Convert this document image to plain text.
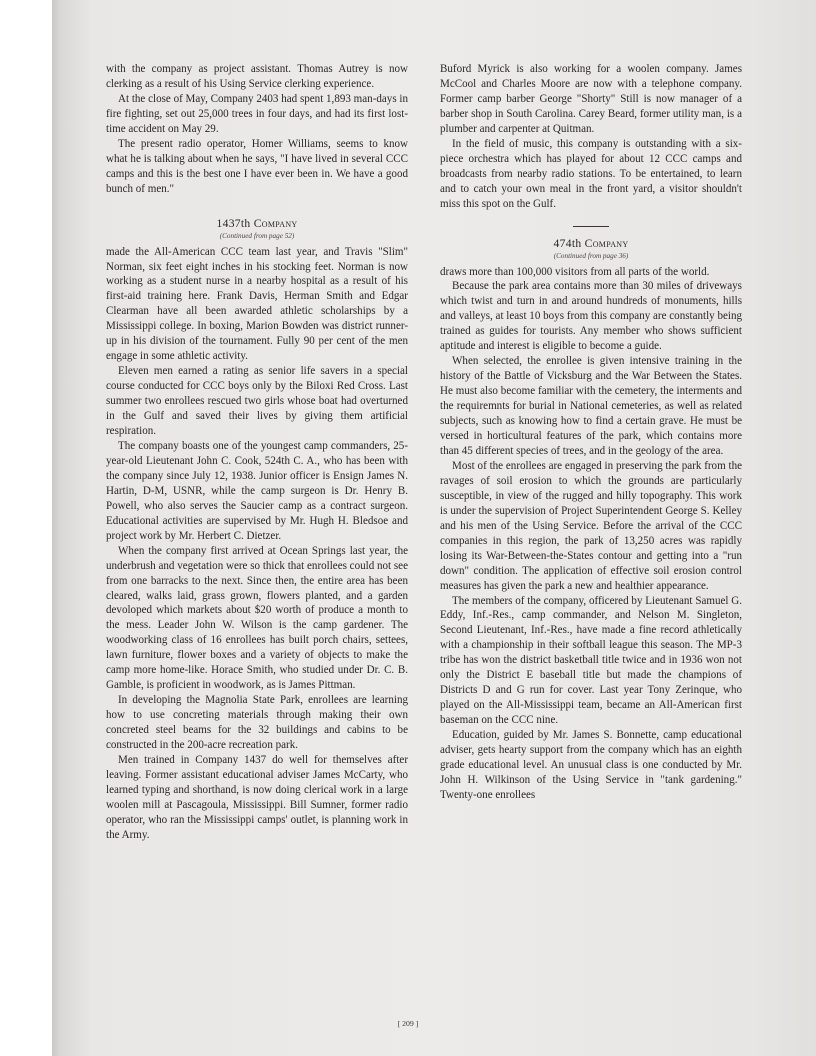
with the company as project assistant. Thomas Autrey is now clerking as a result of his Using Service clerking experience.

At the close of May, Company 2403 had spent 1,893 man-days in fire fighting, set out 25,000 trees in four days, and had its first lost-time accident on May 29.

The present radio operator, Homer Williams, seems to know what he is talking about when he says, "I have lived in several CCC camps and this is the best one I have ever been in. We have a good bunch of men."

1437th Company
(Continued from page 52)

made the All-American CCC team last year, and Travis "Slim" Norman, six feet eight inches in his stocking feet. Norman is now working as a student nurse in a nearby hospital as a result of his first-aid training here. Frank Davis, Herman Smith and Edgar Clearman have all been awarded athletic scholarships by a Mississippi college. In boxing, Marion Bowden was district runner-up in his division of the tournament. Fully 90 per cent of the men engage in some athletic activity.

Eleven men earned a rating as senior life savers in a special course conducted for CCC boys only by the Biloxi Red Cross. Last summer two enrollees rescued two girls whose boat had overturned in the Gulf and saved their lives by giving them artificial respiration.

The company boasts one of the youngest camp commanders, 25-year-old Lieutenant John C. Cook, 524th C. A., who has been with the company since July 12, 1938. Junior officer is Ensign James N. Hartin, D-M, USNR, while the camp surgeon is Dr. Henry B. Powell, who also serves the Saucier camp as a contract surgeon. Educational activities are supervised by Mr. Hugh H. Bledsoe and project work by Mr. Herbert C. Dietzer.

When the company first arrived at Ocean Springs last year, the underbrush and vegetation were so thick that enrollees could not see from one barracks to the next. Since then, the entire area has been cleared, walks laid, grass grown, flowers planted, and a garden devoloped which markets about $20 worth of produce a month to the mess. Leader John W. Wilson is the camp gardener. The woodworking class of 16 enrollees has built porch chairs, settees, lawn furniture, flower boxes and a variety of objects to make the camp more home-like. Horace Smith, who studied under Dr. C. B. Gamble, is proficient in woodwork, as is James Pittman.

In developing the Magnolia State Park, enrollees are learning how to use concreting materials through making their own concreted steel beams for the 32 buildings and cabins to be constructed in the 200-acre recreation park.

Men trained in Company 1437 do well for themselves after leaving. Former assistant educational adviser James McCarty, who learned typing and shorthand, is now doing clerical work in a large woolen mill at Pascagoula, Mississippi. Bill Sumner, former radio operator, who ran the Mississippi camps' outlet, is planning work in the Army.

Buford Myrick is also working for a woolen company. James McCool and Charles Moore are now with a telephone company. Former camp barber George "Shorty" Still is now manager of a barber shop in South Carolina. Carey Beard, former utility man, is a plumber and carpenter at Quitman.

In the field of music, this company is outstanding with a six-piece orchestra which has played for about 12 CCC camps and broadcasts from nearby radio stations. To be entertained, to learn and to catch your own meal in the front yard, a visitor shouldn't miss this spot on the Gulf.

474th Company
(Continued from page 36)

draws more than 100,000 visitors from all parts of the world.

Because the park area contains more than 30 miles of driveways which twist and turn in and around hundreds of monuments, hills and valleys, at least 10 boys from this company are constantly being trained as guides for tourists. Any member who shows sufficient aptitude and interest is eligible to become a guide.

When selected, the enrollee is given intensive training in the history of the Battle of Vicksburg and the War Between the States. He must also become familiar with the cemetery, the interments and the requiremnts for burial in National cemeteries, as well as related subjects, such as knowing how to find a certain grave. He must be versed in horticultural features of the park, which contains more than 45 different species of trees, and in the geology of the area.

Most of the enrollees are engaged in preserving the park from the ravages of soil erosion to which the grounds are particularly susceptible, in view of the rugged and hilly topography. This work is under the supervision of Project Superintendent George S. Kelley and his men of the Using Service. Before the arrival of the CCC companies in this region, the park of 13,250 acres was rapidly losing its War-Between-the-States contour and getting into a "run down" condition. The application of effective soil erosion control measures has given the park a new and healthier appearance.

The members of the company, officered by Lieutenant Samuel G. Eddy, Inf.-Res., camp commander, and Nelson M. Singleton, Second Lieutenant, Inf.-Res., have made a fine record athletically with a championship in their softball league this season. The MP-3 tribe has won the district basketball title twice and in 1936 won not only the District E baseball title but made the champions of Districts D and G run for cover. Last year Tony Zerinque, who played on the All-Mississippi team, became an All-American first baseman on the CCC nine.

Education, guided by Mr. James S. Bonnette, camp educational adviser, gets hearty support from the company which has an eighth grade educational level. An unusual class is one conducted by Mr. John H. Wilkinson of the Using Service in "tank gardening." Twenty-one enrollees

[ 209 ]
